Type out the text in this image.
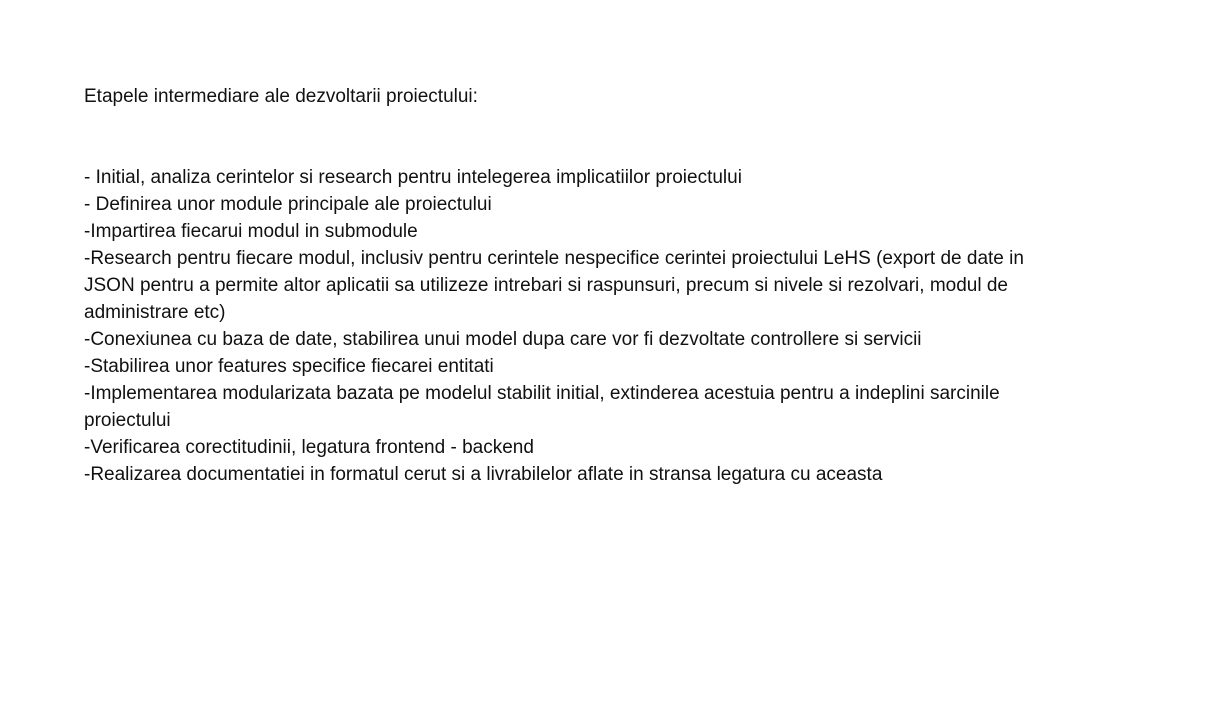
Etapele intermediare ale dezvoltarii proiectului:

- Initial, analiza cerintelor si research pentru intelegerea implicatiilor proiectului
- Definirea unor module principale ale proiectului
-Impartirea fiecarui modul in submodule
-Research pentru fiecare modul, inclusiv pentru cerintele nespecifice cerintei proiectului LeHS (export de date in JSON pentru a permite altor aplicatii sa utilizeze intrebari si raspunsuri, precum si nivele si rezolvari, modul de administrare etc)
-Conexiunea cu baza de date, stabilirea unui model dupa care vor fi dezvoltate controllere si servicii
-Stabilirea unor features specifice fiecarei entitati
-Implementarea modularizata bazata pe modelul stabilit initial, extinderea acestuia pentru a indeplini sarcinile proiectului
-Verificarea corectitudinii, legatura frontend - backend
-Realizarea documentatiei in formatul cerut si a livrabilelor aflate in stransa legatura cu aceasta
